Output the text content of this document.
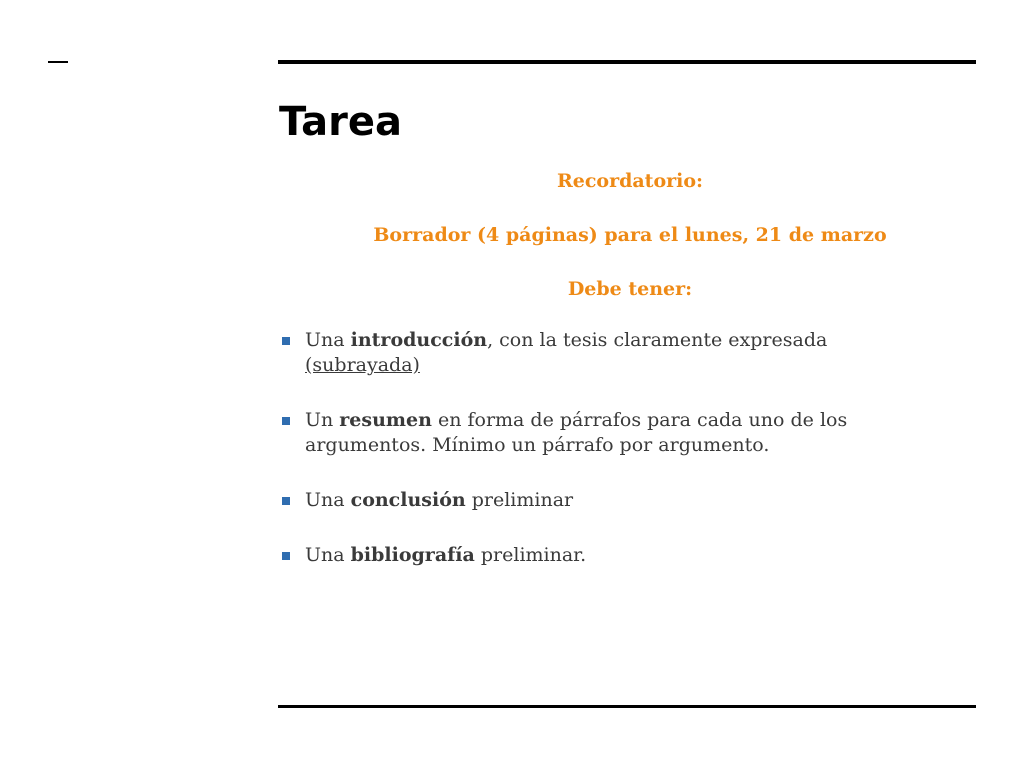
Tarea

Recordatorio:

Borrador (4 páginas) para el lunes, 21 de marzo

Debe tener:

Una introducción, con la tesis claramente expresada (subrayada)
Un resumen en forma de párrafos para cada uno de los argumentos. Mínimo un párrafo por argumento.
Una conclusión preliminar
Una bibliografía preliminar.
